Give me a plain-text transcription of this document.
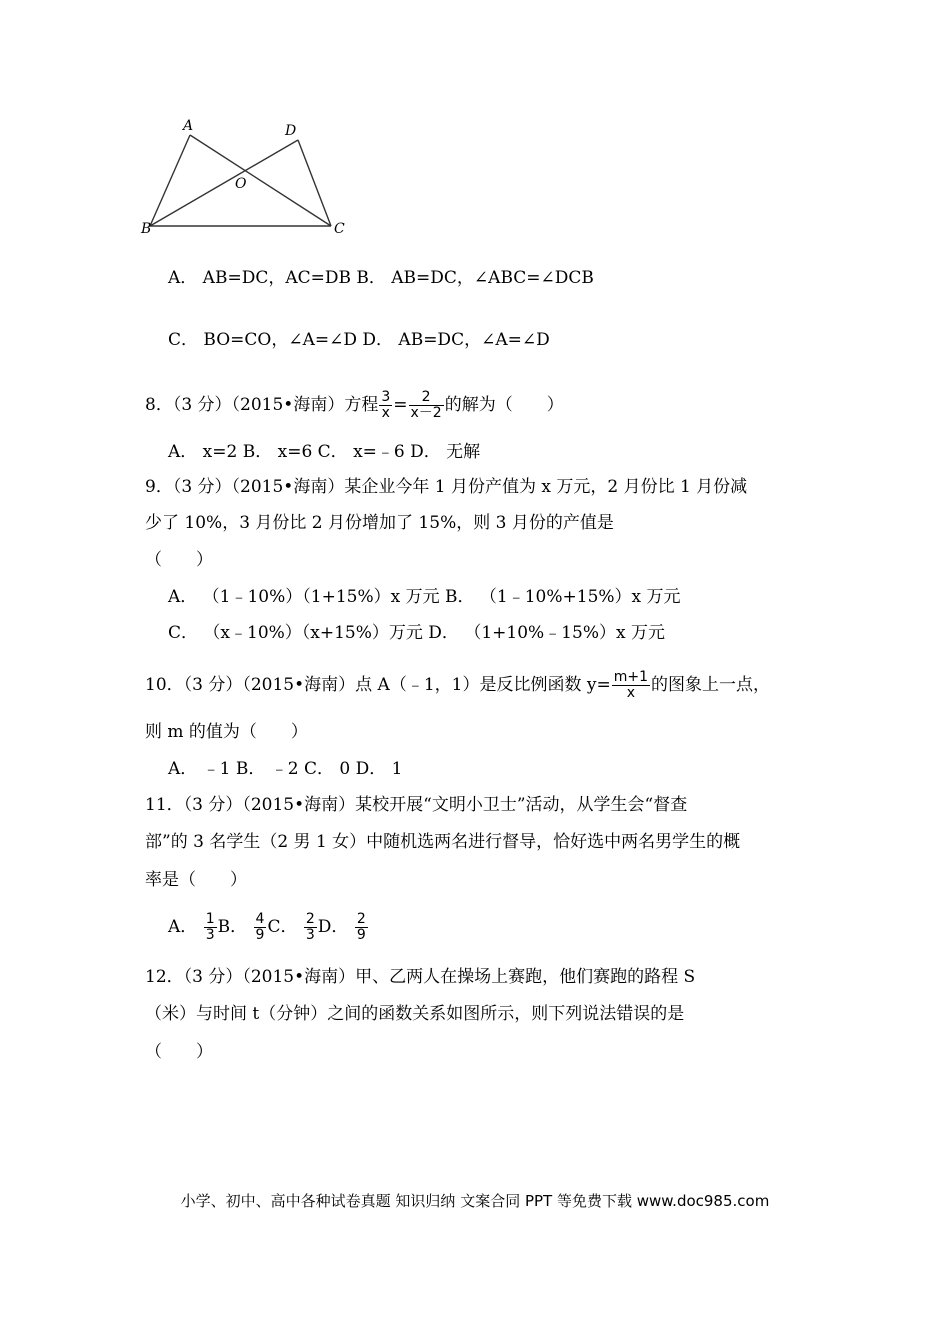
A	D
O
B	C
A． AB=DC，AC=DB B． AB=DC，∠ABC=∠DCB
C． BO=CO，∠A=∠D D． AB=DC，∠A=∠D
8．（3 分）（2015•海南）方程 $\frac{3}{x} = \frac{2}{x-2}$ 的解为（　　）
A． x=2 B． x=6 C． x=﹣6 D． 无解
9．（3 分）（2015•海南）某企业今年 1 月份产值为 x 万元，2 月份比 1 月份减
少了 10%，3 月份比 2 月份增加了 15%，则 3 月份的产值是
（　　）
A． （1﹣10%）（1+15%）x 万元 B． （1﹣10%+15%）x 万元
C． （x﹣10%）（x+15%）万元 D． （1+10%﹣15%）x 万元
10．（3 分）（2015•海南）点 A（﹣1，1）是反比例函数 $y= \frac{m+1}{x}$ 的图象上一点，
则 m 的值为（　　）
A． ﹣1 B． ﹣2 C． 0 D． 1
11．（3 分）（2015•海南）某校开展“文明小卫士”活动，从学生会“督查
部”的 3 名学生（2 男 1 女）中随机选两名进行督导，恰好选中两名男学生的概
率是（　　）
A． $\frac{1}{3}$ B． $\frac{4}{9}$ C． $\frac{2}{3}$ D． $\frac{2}{9}$
12．（3 分）（2015•海南）甲、乙两人在操场上赛跑，他们赛跑的路程 S
（米）与时间 t（分钟）之间的函数关系如图所示，则下列说法错误的是
（　　）
小学、初中、高中各种试卷真题 知识归纳 文案合同 PPT 等免费下载 www.doc985.com
